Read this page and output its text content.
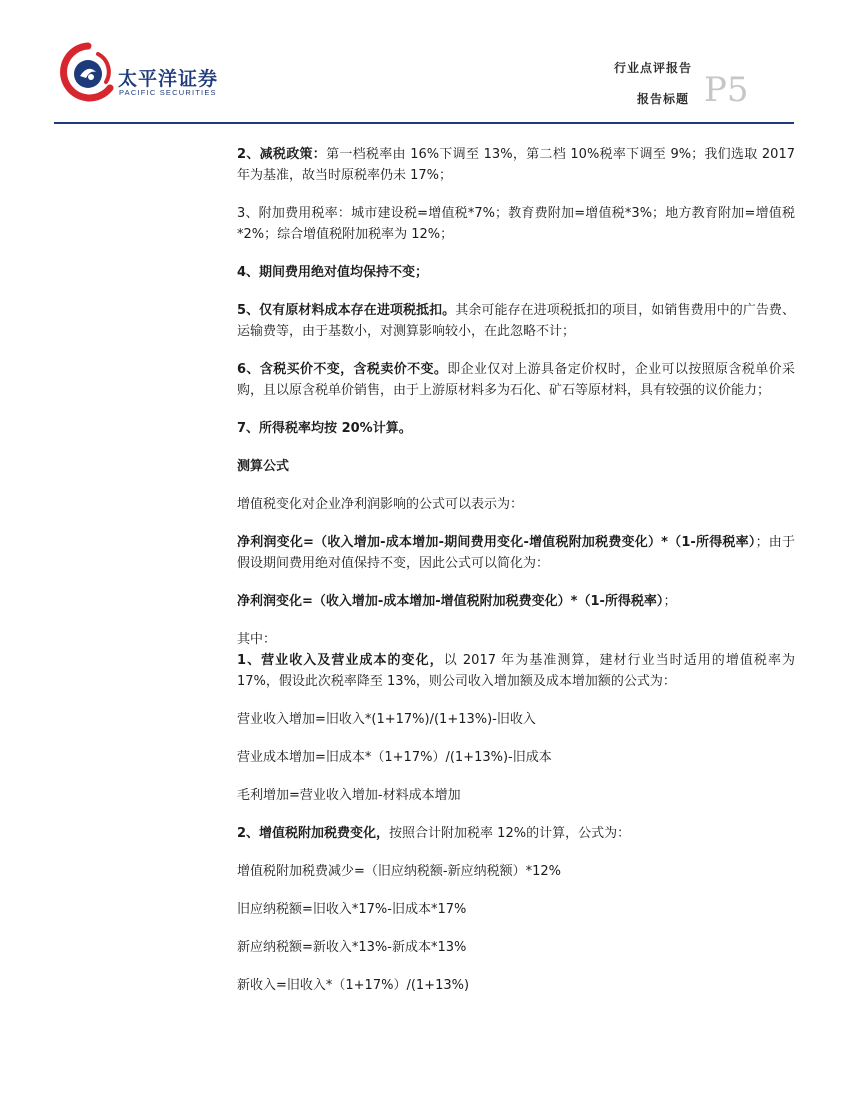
太平洋证券
PACIFIC SECURITIES
行业点评报告
P5
报告标题

2、减税政策：第一档税率由 16%下调至 13%，第二档 10%税率下调至 9%；我们选取 2017 年为基准，故当时原税率仍未 17%；

3、附加费用税率：城市建设税=增值税*7%；教育费附加=增值税*3%；地方教育附加=增值税*2%；综合增值税附加税率为 12%；

4、期间费用绝对值均保持不变；

5、仅有原材料成本存在进项税抵扣。其余可能存在进项税抵扣的项目，如销售费用中的广告费、运输费等，由于基数小，对测算影响较小，在此忽略不计；

6、含税买价不变，含税卖价不变。即企业仅对上游具备定价权时，企业可以按照原含税单价采购，且以原含税单价销售，由于上游原材料多为石化、矿石等原材料，具有较强的议价能力；

7、所得税率均按 20%计算。

测算公式

增值税变化对企业净利润影响的公式可以表示为：

净利润变化=（收入增加-成本增加-期间费用变化-增值税附加税费变化）*（1-所得税率）；由于假设期间费用绝对值保持不变，因此公式可以简化为：

净利润变化=（收入增加-成本增加-增值税附加税费变化）*（1-所得税率）；

其中：

1、营业收入及营业成本的变化，以 2017 年为基准测算，建材行业当时适用的增值税率为 17%，假设此次税率降至 13%，则公司收入增加额及成本增加额的公式为：

营业收入增加=旧收入*(1+17%)/(1+13%)-旧收入

营业成本增加=旧成本*（1+17%）/(1+13%)-旧成本

毛利增加=营业收入增加-材料成本增加

2、增值税附加税费变化，按照合计附加税率 12%的计算，公式为：

增值税附加税费减少=（旧应纳税额-新应纳税额）*12%

旧应纳税额=旧收入*17%-旧成本*17%

新应纳税额=新收入*13%-新成本*13%

新收入=旧收入*（1+17%）/(1+13%)
